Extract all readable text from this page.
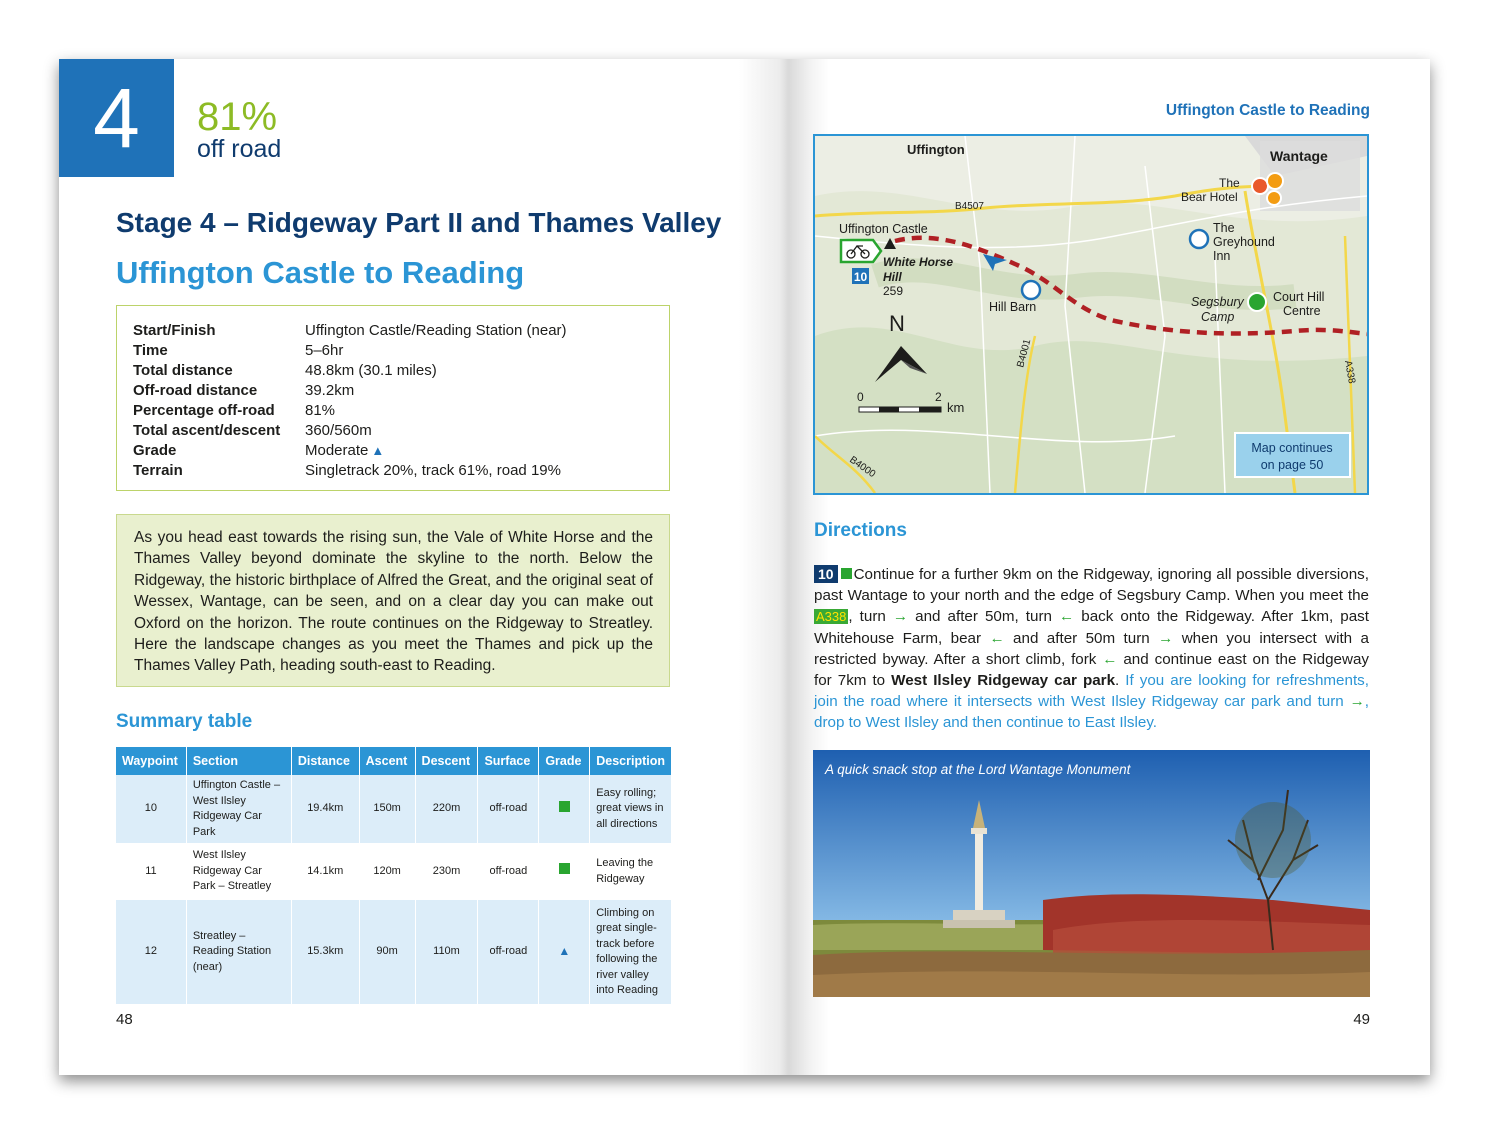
4	81%
off road
Stage 4 – Ridgeway Part II and Thames Valley
Uffington Castle to Reading
Start/Finish	Uffington Castle/Reading Station (near)
Time	5–6hr
Total distance	48.8km (30.1 miles)
Off-road distance	39.2km
Percentage off-road	81%
Total ascent/descent	360/560m
Grade	Moderate ▲
Terrain	Singletrack 20%, track 61%, road 19%
As you head east towards the rising sun, the Vale of White Horse and the Thames Valley beyond dominate the skyline to the north. Below the Ridgeway, the historic birthplace of Alfred the Great, and the original seat of Wessex, Wantage, can be seen, and on a clear day you can make out Oxford on the horizon. The route continues on the Ridgeway to Streatley. Here the landscape changes as you meet the Thames and pick up the Thames Valley Path, heading south-east to Reading.
Summary table
Waypoint	Section	Distance	Ascent	Descent	Surface	Grade	Description
10	Uffington Castle – West Ilsley Ridgeway Car Park	19.4km	150m	220m	off-road		Easy rolling; great views in all directions
11	West Ilsley Ridgeway Car Park – Streatley	14.1km	120m	230m	off-road		Leaving the Ridgeway
12	Streatley – Reading Station (near)	15.3km	90m	110m	off-road	▲	Climbing on great single-track before following the river valley into Reading
48
Uffington Castle to Reading
Uffington	Wantage
The
Bear Hotel
B4507
Uffington Castle
10
White Horse
Hill
259
The
Greyhound
Inn
Hill Barn	Segsbury
Camp
Court Hill
Centre
B4001
A338
B4000
N
0	2
km
Map continues
on page 50
Directions
10 Continue for a further 9km on the Ridgeway, ignoring all possible diversions, past Wantage to your north and the edge of Segsbury Camp. When you meet the A338 , turn → and after 50m, turn ← back onto the Ridgeway. After 1km, past Whitehouse Farm, bear ← and after 50m turn → when you intersect with a restricted byway. After a short climb, fork ← and continue east on the Ridgeway for 7km to West Ilsley Ridgeway car park. If you are looking for refreshments, join the road where it intersects with West Ilsley Ridgeway car park and turn →, drop to West Ilsley and then continue to East Ilsley.
A quick snack stop at the Lord Wantage Monument
49
